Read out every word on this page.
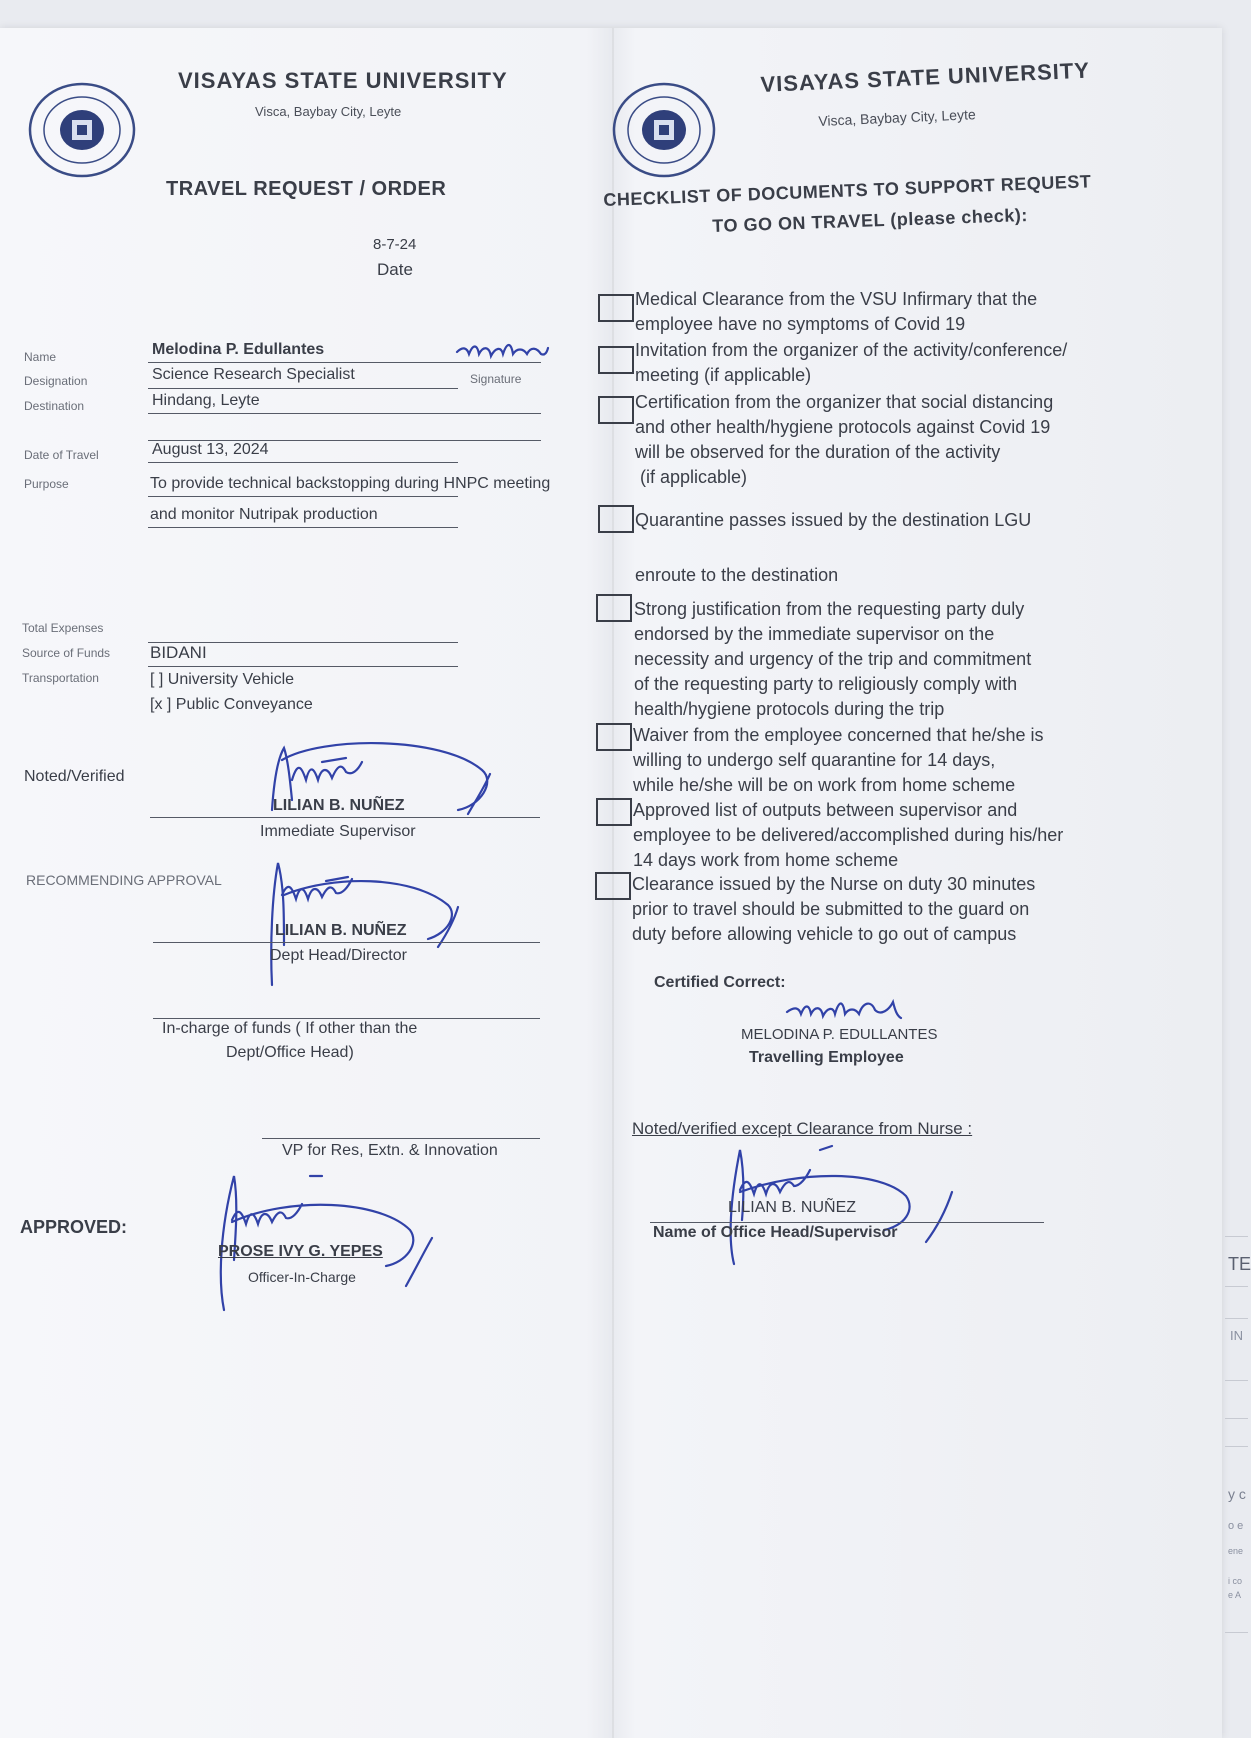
VISAYAS STATE UNIVERSITY
Visca, Baybay City, Leyte
TRAVEL REQUEST / ORDER
8-7-24
Date
Name	Melodina P. Edullantes
Signature
Designation	Science Research Specialist
Destination	Hindang, Leyte
Date of Travel	August 13, 2024
Purpose	To provide technical backstopping during HNPC meeting
and monitor Nutripak production
Total Expenses
Source of Funds BIDANI
Transportation	[ ] University Vehicle
[x ] Public Conveyance
Noted/Verified
LILIAN B. NUÑEZ
Immediate Supervisor
RECOMMENDING APPROVAL
LILIAN B. NUÑEZ
Dept Head/Director
In-charge of funds ( If other than the
Dept/Office Head)
VP for Res, Extn. & Innovation
APPROVED:
PROSE IVY G. YEPES
Officer-In-Charge
VISAYAS STATE UNIVERSITY
Visca, Baybay City, Leyte
CHECKLIST OF DOCUMENTS TO SUPPORT REQUEST
TO GO ON TRAVEL (please check):
Medical Clearance from the VSU Infirmary that the
employee have no symptoms of Covid 19
Invitation from the organizer of the activity/conference/
meeting (if applicable)
Certification from the organizer that social distancing
and other health/hygiene protocols against Covid 19
will be observed for the duration of the activity
(if applicable)
Quarantine passes issued by the destination LGU
enroute to the destination
Strong justification from the requesting party duly
endorsed by the immediate supervisor on the
necessity and urgency of the trip and commitment
of the requesting party to religiously comply with
health/hygiene protocols during the trip
Waiver from the employee concerned that he/she is
willing to undergo self quarantine for 14 days,
while he/she will be on work from home scheme
Approved list of outputs between supervisor and
employee to be delivered/accomplished during his/her
14 days work from home scheme
Clearance issued by the Nurse on duty 30 minutes
prior to travel should be submitted to the guard on
duty before allowing vehicle to go out of campus
Certified Correct:
MELODINA P. EDULLANTES
Travelling Employee
Noted/verified except Clearance from Nurse :
LILIAN B. NUÑEZ
Name of Office Head/Supervisor
TE
IN
y c
o e
ene
i co
e A
